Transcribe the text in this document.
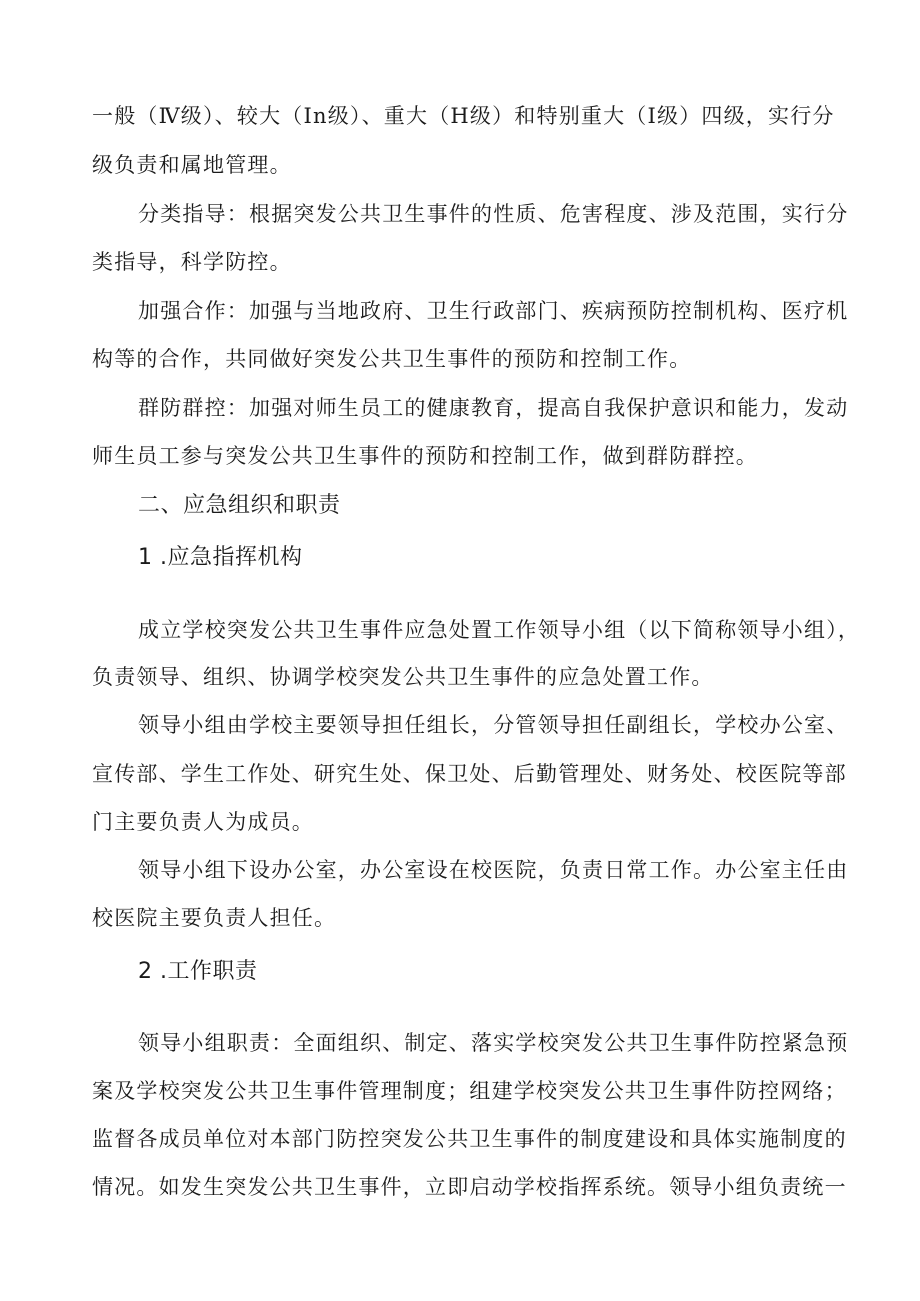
一般（Ⅳ级）、较大（In级）、重大（H级）和特别重大（I级）四级，实行分
级负责和属地管理。
分类指导：根据突发公共卫生事件的性质、危害程度、涉及范围，实行分
类指导，科学防控。
加强合作：加强与当地政府、卫生行政部门、疾病预防控制机构、医疗机
构等的合作，共同做好突发公共卫生事件的预防和控制工作。
群防群控：加强对师生员工的健康教育，提高自我保护意识和能力，发动
师生员工参与突发公共卫生事件的预防和控制工作，做到群防群控。
二、应急组织和职责
1 .应急指挥机构
成立学校突发公共卫生事件应急处置工作领导小组（以下简称领导小组），
负责领导、组织、协调学校突发公共卫生事件的应急处置工作。
领导小组由学校主要领导担任组长，分管领导担任副组长，学校办公室、
宣传部、学生工作处、研究生处、保卫处、后勤管理处、财务处、校医院等部
门主要负责人为成员。
领导小组下设办公室，办公室设在校医院，负责日常工作。办公室主任由
校医院主要负责人担任。
2 .工作职责
领导小组职责：全面组织、制定、落实学校突发公共卫生事件防控紧急预
案及学校突发公共卫生事件管理制度；组建学校突发公共卫生事件防控网络；
监督各成员单位对本部门防控突发公共卫生事件的制度建设和具体实施制度的
情况。如发生突发公共卫生事件，立即启动学校指挥系统。领导小组负责统一
